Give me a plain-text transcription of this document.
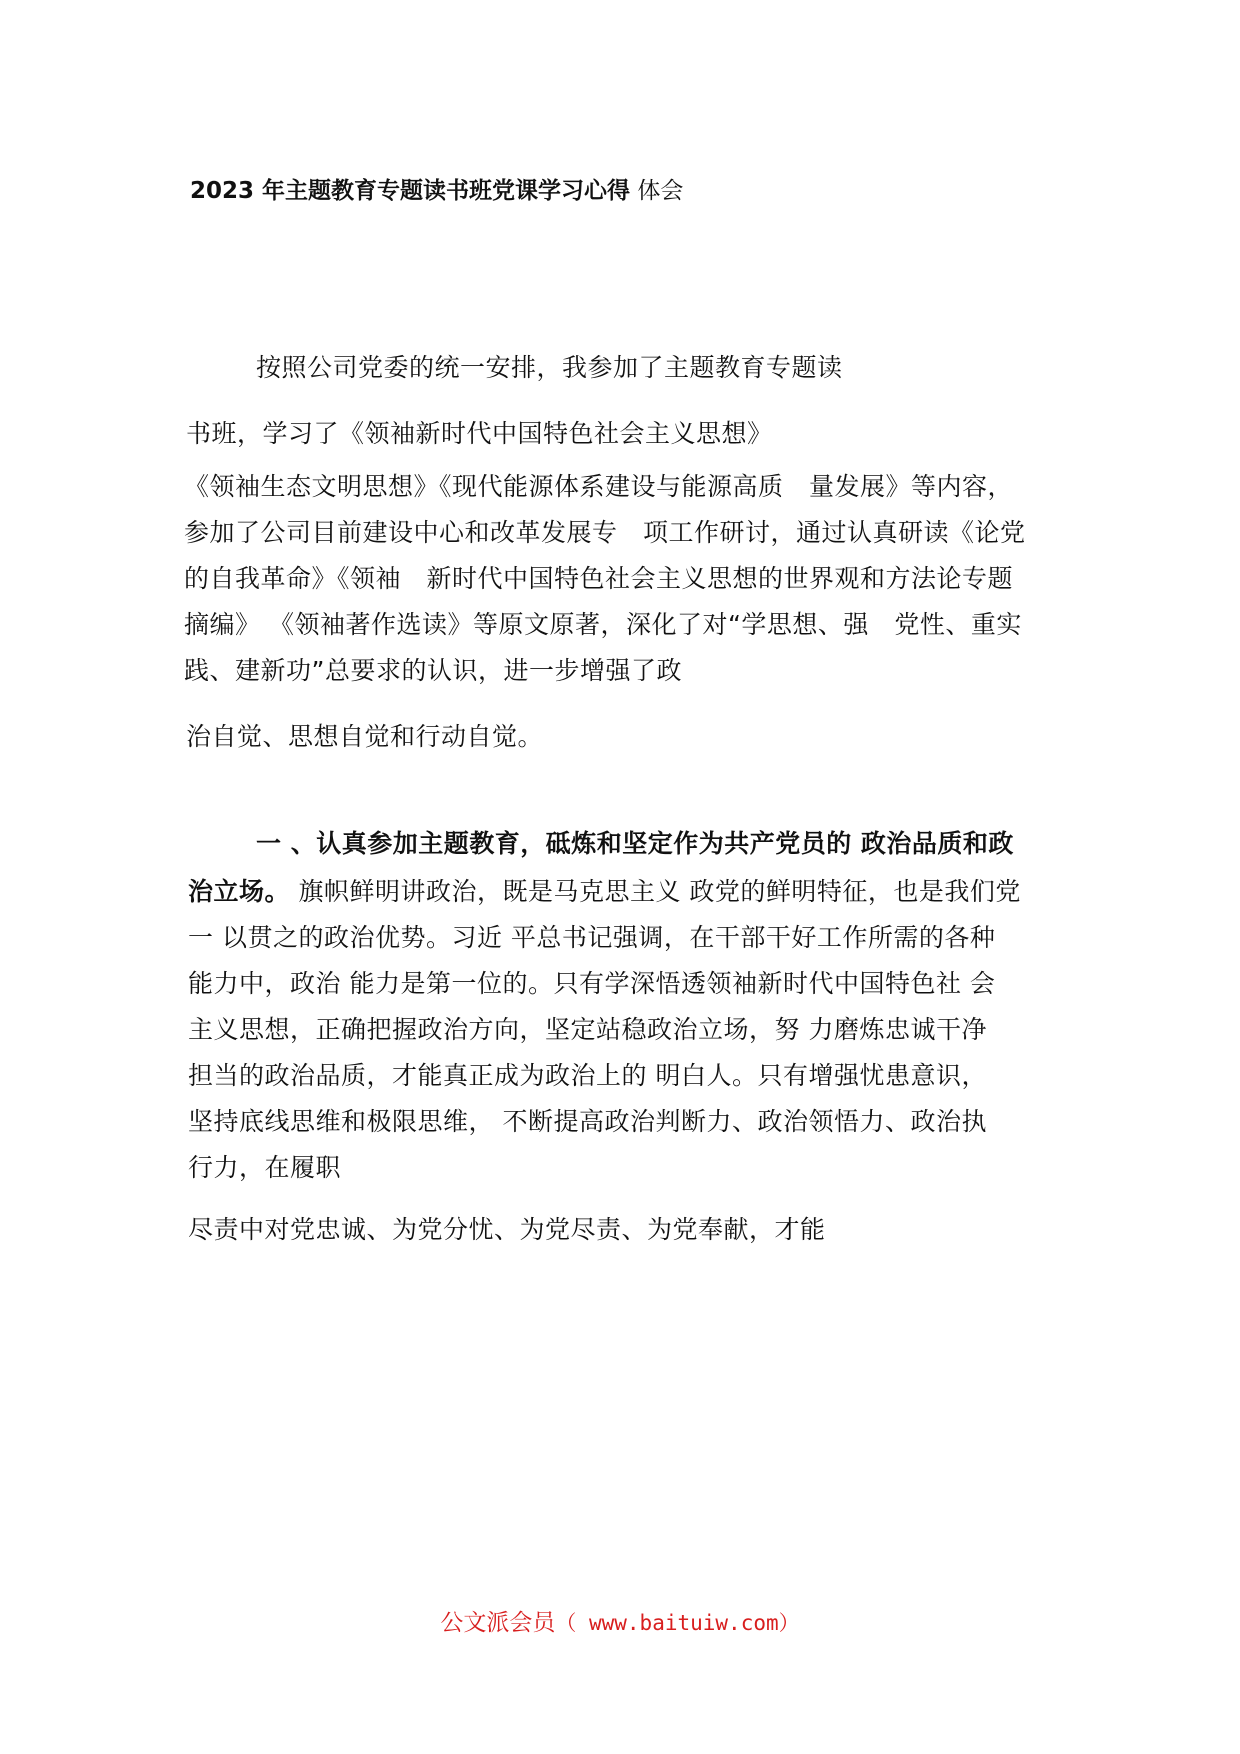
2023 年主题教育专题读书班党课学习心得 体会
按照公司党委的统一安排，我参加了主题教育专题读
书班，学习了《领袖新时代中国特色社会主义思想》
《领袖生态文明思想》《现代能源体系建设与能源高质　量发展》等内容，
参加了公司目前建设中心和改革发展专　项工作研讨，通过认真研读《论党
的自我革命》《领袖　新时代中国特色社会主义思想的世界观和方法论专题
摘编》 《领袖著作选读》等原文原著，深化了对“学思想、强　党性、重实
践、建新功”总要求的认识，进一步增强了政
治自觉、思想自觉和行动自觉。
一 、认真参加主题教育，砥炼和坚定作为共产党员的 政治品质和政
治立场。 旗帜鲜明讲政治，既是马克思主义 政党的鲜明特征，也是我们党
一 以贯之的政治优势。习近 平总书记强调，在干部干好工作所需的各种
能力中，政治 能力是第一位的。只有学深悟透领袖新时代中国特色社 会
主义思想，正确把握政治方向，坚定站稳政治立场，努 力磨炼忠诚干净
担当的政治品质，才能真正成为政治上的 明白人。只有增强忧患意识，
坚持底线思维和极限思维， 不断提高政治判断力、政治领悟力、政治执
行力，在履职
尽责中对党忠诚、为党分忧、为党尽责、为党奉献，才能
公文派会员（ www.baituiw.com）
